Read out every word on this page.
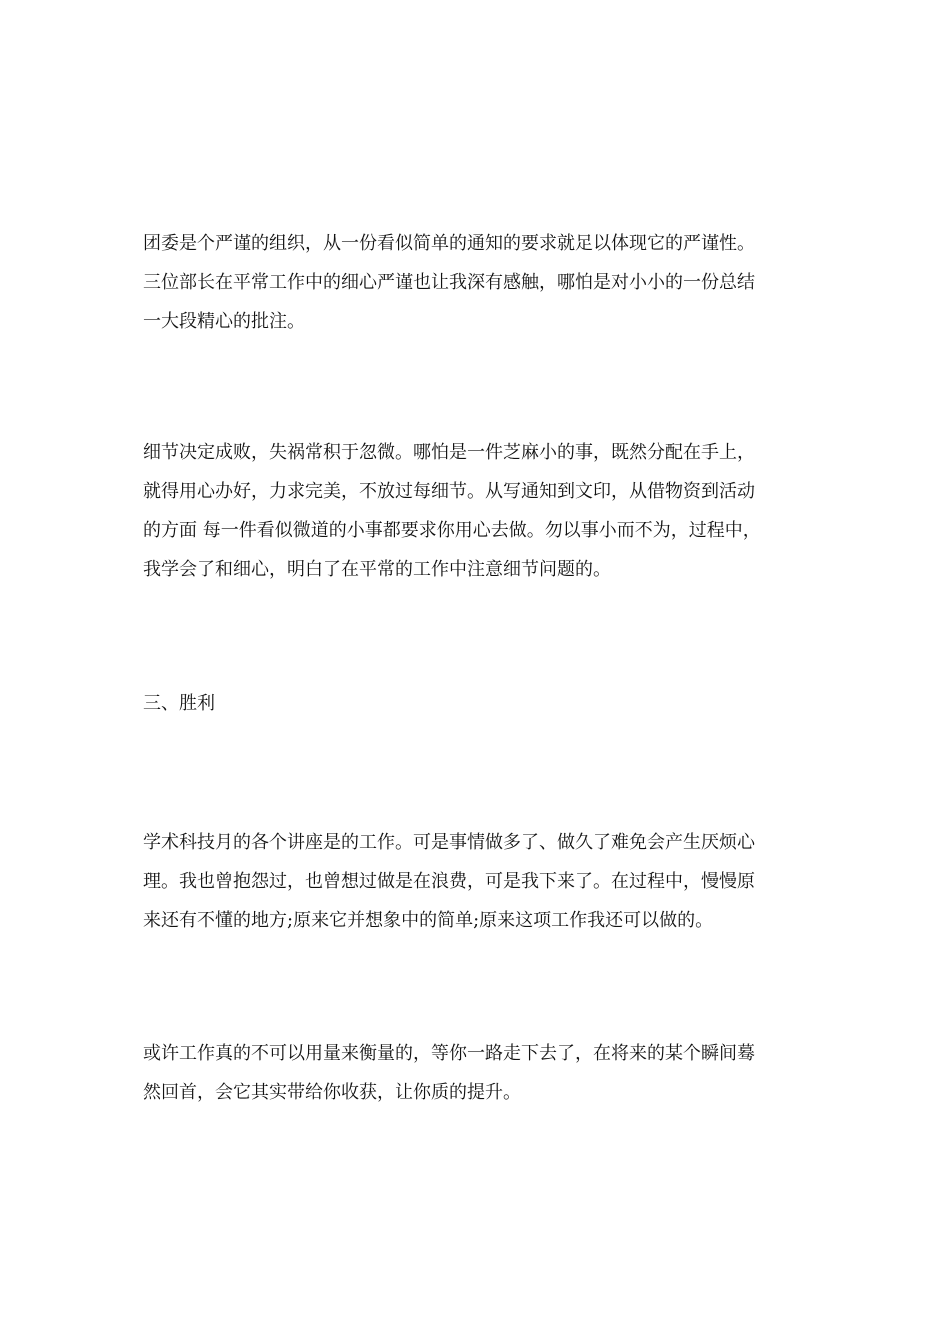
团委是个严谨的组织，从一份看似简单的通知的要求就足以体现它的严谨性。
三位部长在平常工作中的细心严谨也让我深有感触，哪怕是对小小的一份总结
一大段精心的批注。

细节决定成败，失祸常积于忽微。哪怕是一件芝麻小的事，既然分配在手上，
就得用心办好，力求完美，不放过每细节。从写通知到文印，从借物资到活动
的方面 每一件看似微道的小事都要求你用心去做。勿以事小而不为，过程中，
我学会了和细心，明白了在平常的工作中注意细节问题的。

三、胜利

学术科技月的各个讲座是的工作。可是事情做多了、做久了难免会产生厌烦心
理。我也曾抱怨过，也曾想过做是在浪费，可是我下来了。在过程中，慢慢原
来还有不懂的地方;原来它并想象中的简单;原来这项工作我还可以做的。

或许工作真的不可以用量来衡量的，等你一路走下去了，在将来的某个瞬间蓦
然回首，会它其实带给你收获，让你质的提升。
